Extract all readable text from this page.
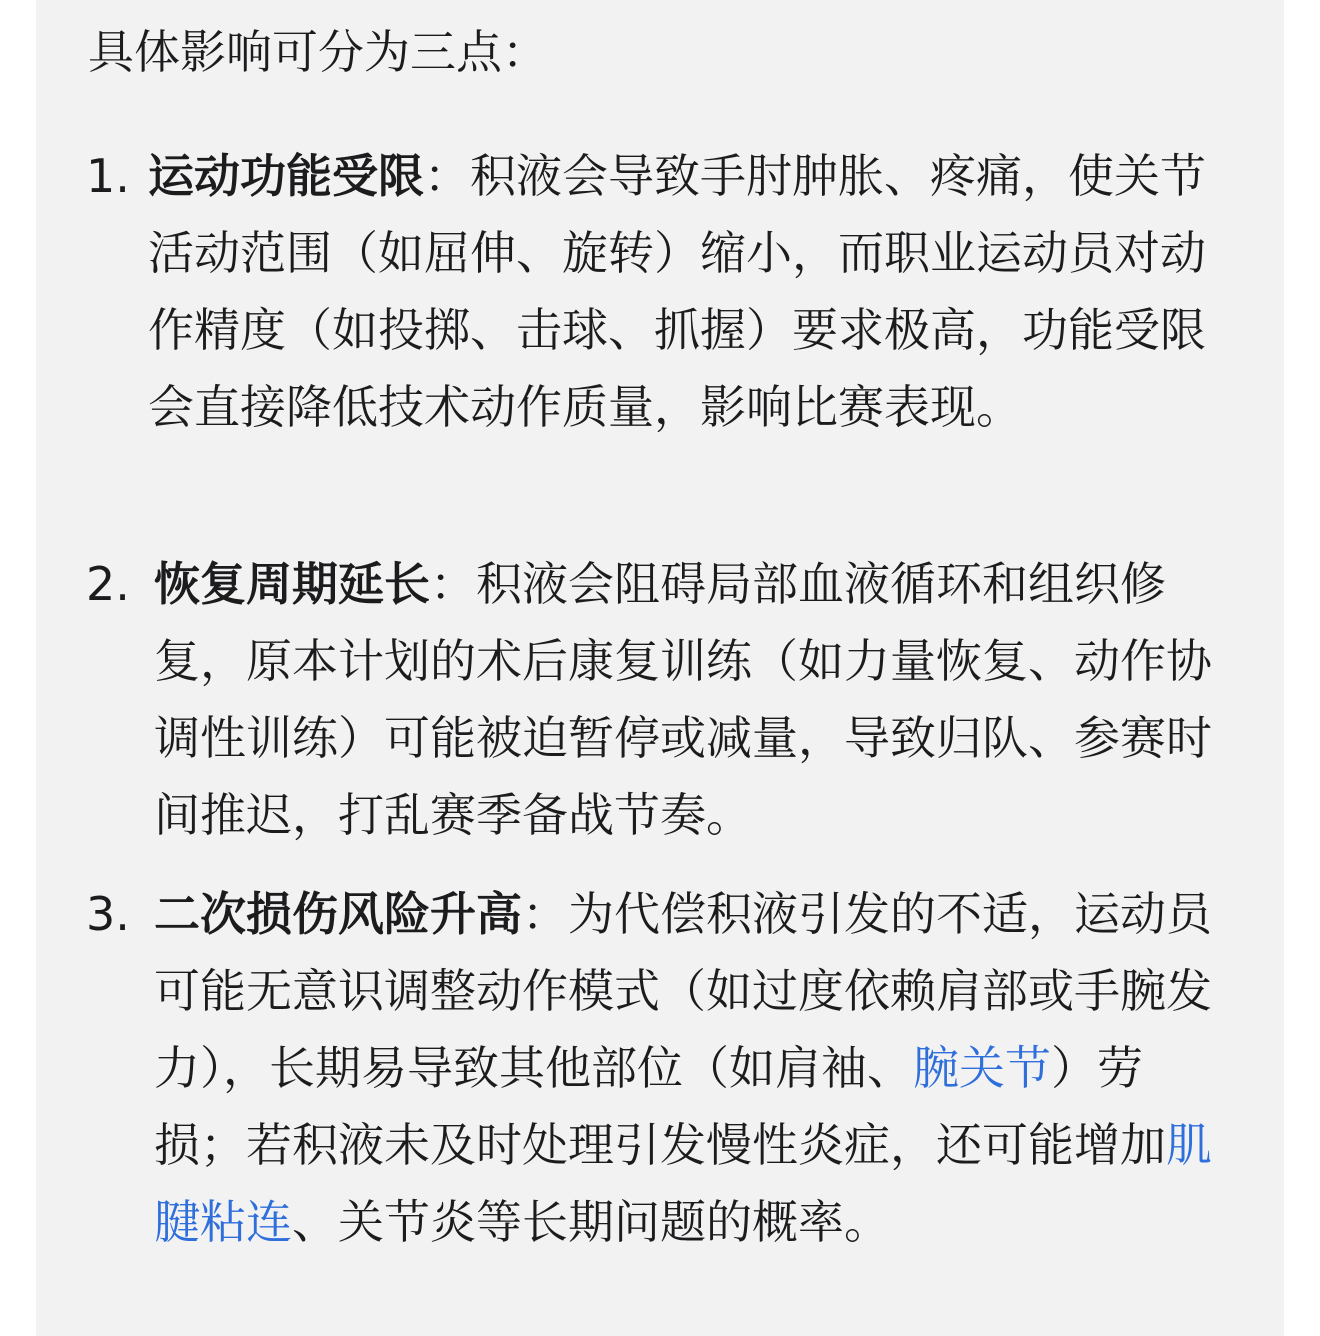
具体影响可分为三点：

1. 运动功能受限：积液会导致手肘肿胀、疼痛，使关节活动范围（如屈伸、旋转）缩小，而职业运动员对动作精度（如投掷、击球、抓握）要求极高，功能受限会直接降低技术动作质量，影响比赛表现。
2. 恢复周期延长：积液会阻碍局部血液循环和组织修复，原本计划的术后康复训练（如力量恢复、动作协调性训练）可能被迫暂停或减量，导致归队、参赛时间推迟，打乱赛季备战节奏。
3. 二次损伤风险升高：为代偿积液引发的不适，运动员可能无意识调整动作模式（如过度依赖肩部或手腕发力），长期易导致其他部位（如肩袖、腕关节）劳损；若积液未及时处理引发慢性炎症，还可能增加肌腱粘连、关节炎等长期问题的概率。
